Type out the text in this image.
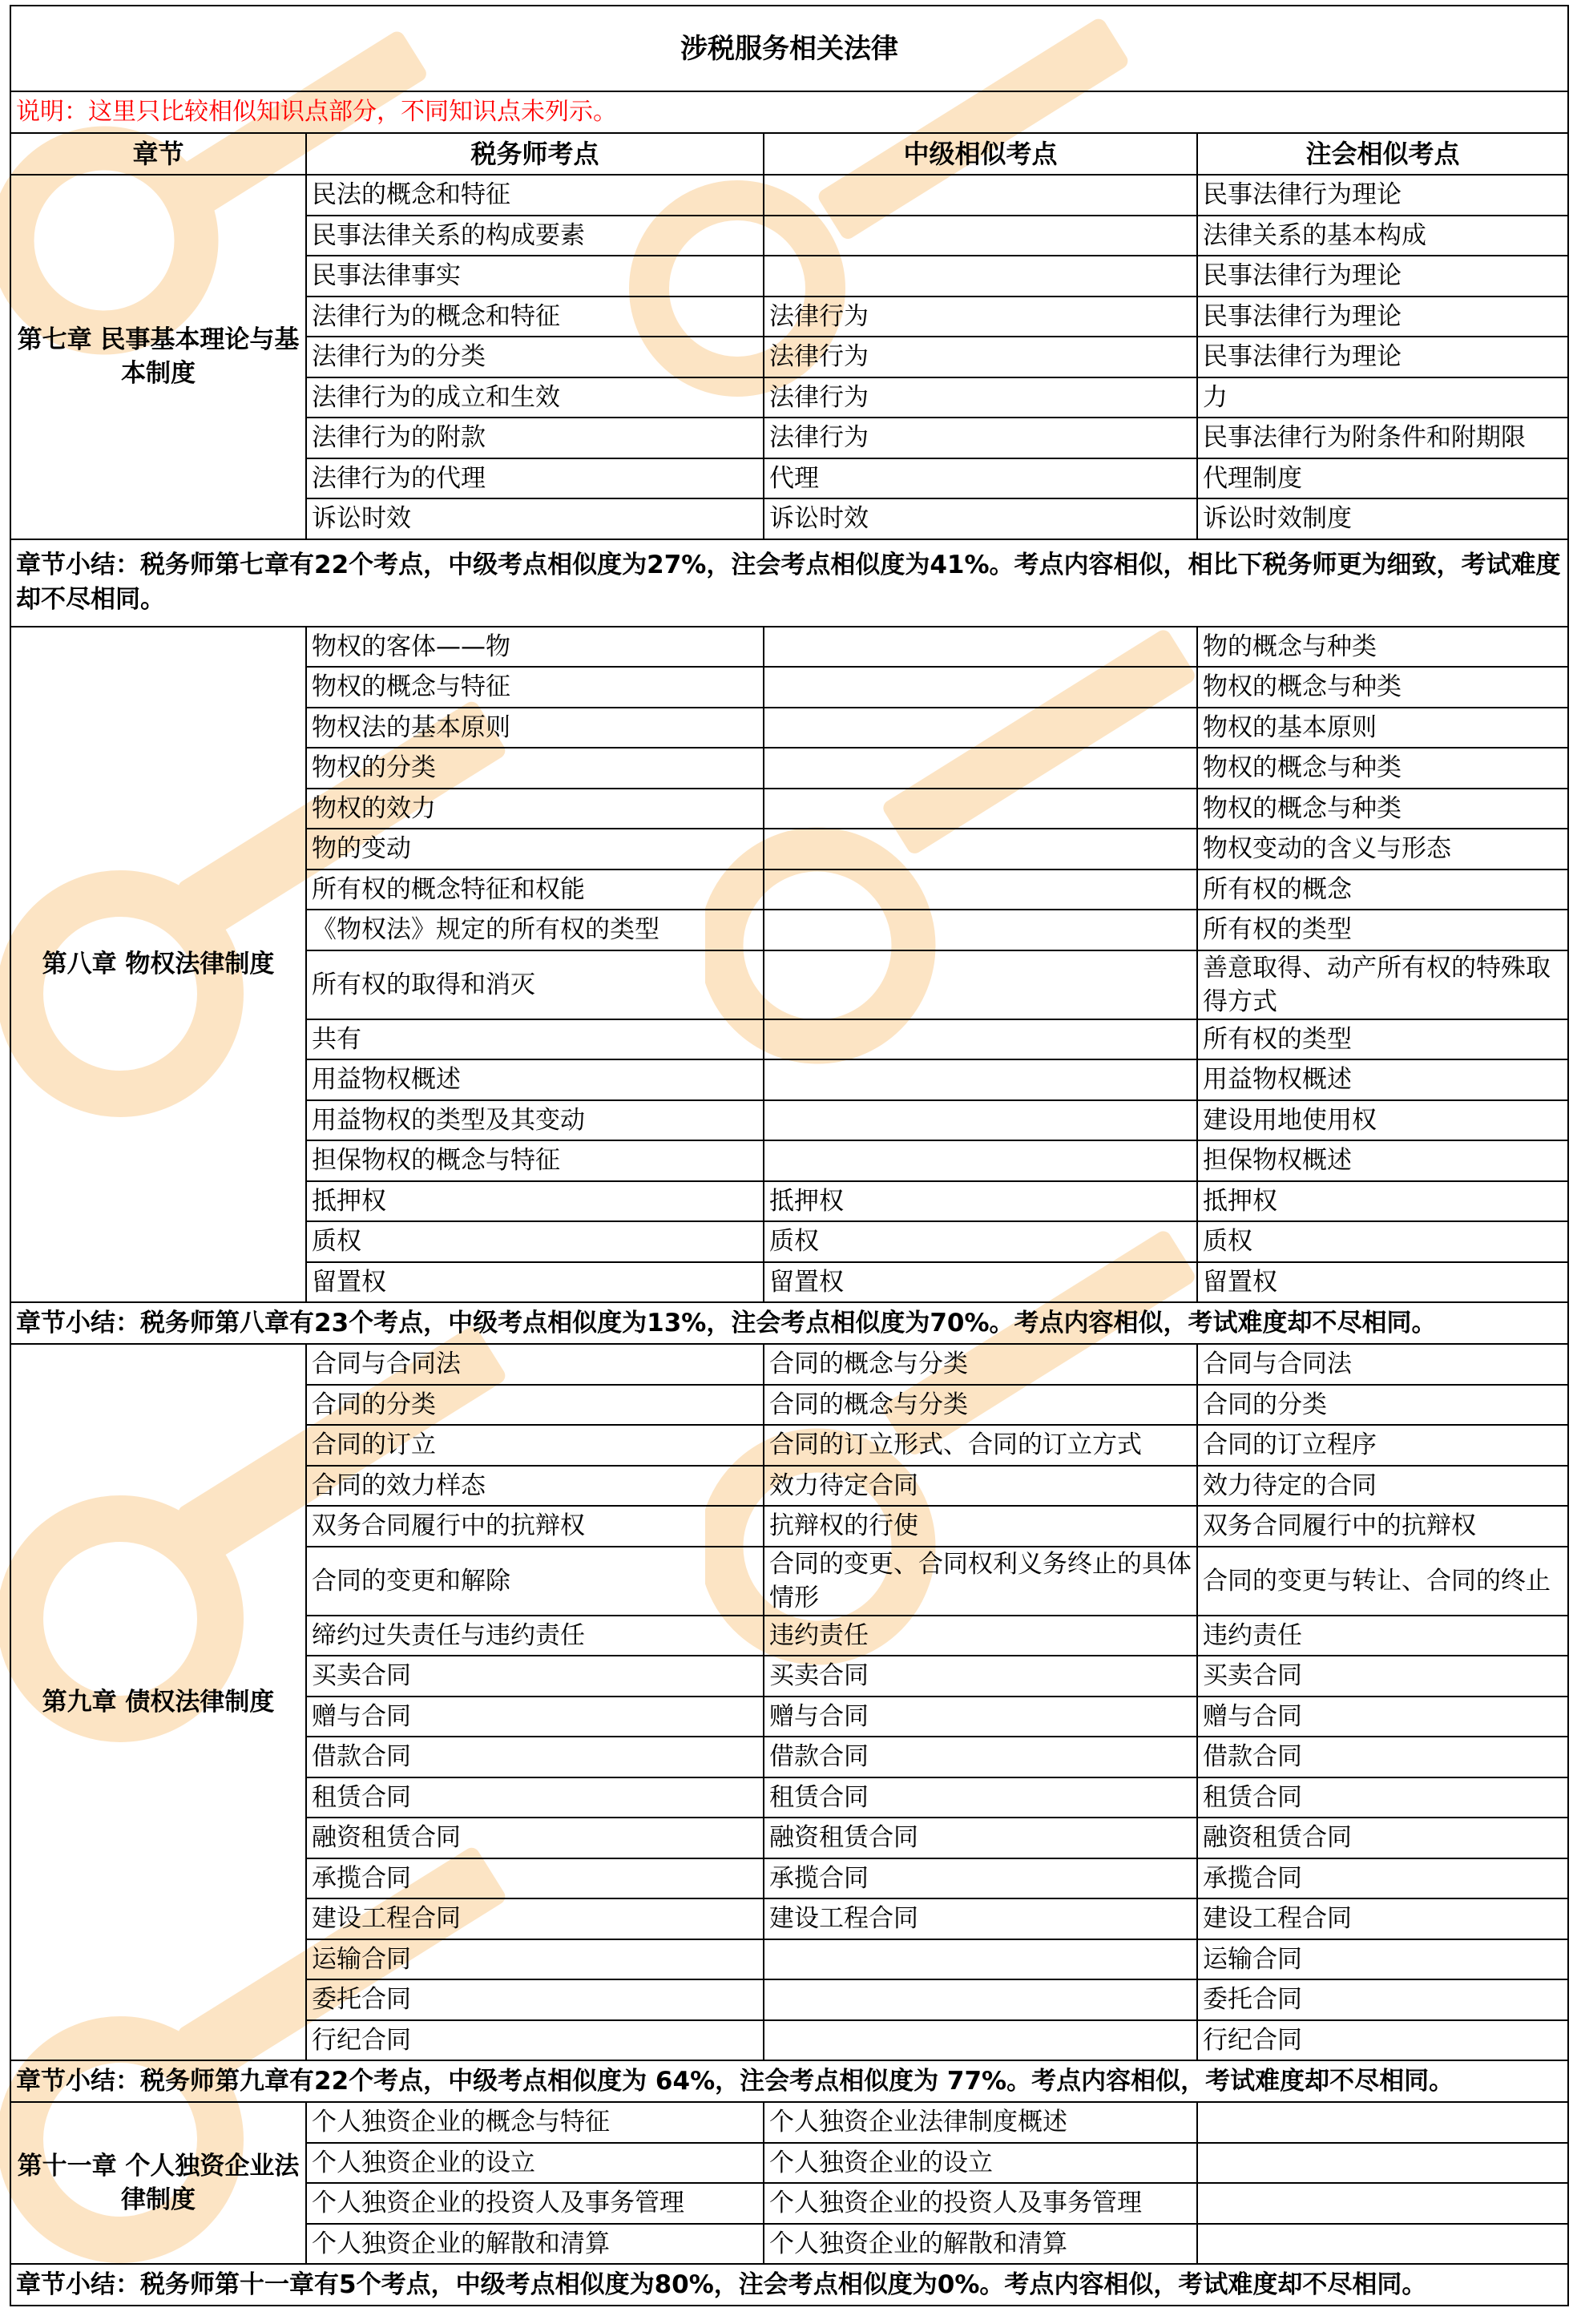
涉税服务相关法律			
说明：这里只比较相似知识点部分，不同知识点未列示。			
章节	税务师考点	中级相似考点	注会相似考点
第七章 民事基本理论与基本制度	民法的概念和特征		民事法律行为理论
	民事法律关系的构成要素		法律关系的基本构成
	民事法律事实		民事法律行为理论
	法律行为的概念和特征	法律行为	民事法律行为理论
	法律行为的分类	法律行为	民事法律行为理论
	法律行为的成立和生效	法律行为	力
	法律行为的附款	法律行为	民事法律行为附条件和附期限
	法律行为的代理	代理	代理制度
	诉讼时效	诉讼时效	诉讼时效制度
章节小结：税务师第七章有22个考点，中级考点相似度为27%，注会考点相似度为41%。考点内容相似，相比下税务师更为细致，考试难度却不尽相同。			
第八章 物权法律制度	物权的客体——物		物的概念与种类
	物权的概念与特征		物权的概念与种类
	物权法的基本原则		物权的基本原则
	物权的分类		物权的概念与种类
	物权的效力		物权的概念与种类
	物的变动		物权变动的含义与形态
	所有权的概念特征和权能		所有权的概念
	《物权法》规定的所有权的类型		所有权的类型
	所有权的取得和消灭		善意取得、动产所有权的特殊取得方式
	共有		所有权的类型
	用益物权概述		用益物权概述
	用益物权的类型及其变动		建设用地使用权
	担保物权的概念与特征		担保物权概述
	抵押权	抵押权	抵押权
	质权	质权	质权
	留置权	留置权	留置权
章节小结：税务师第八章有23个考点，中级考点相似度为13%，注会考点相似度为70%。考点内容相似，考试难度却不尽相同。			
第九章 债权法律制度	合同与合同法	合同的概念与分类	合同与合同法
	合同的分类	合同的概念与分类	合同的分类
	合同的订立	合同的订立形式、合同的订立方式	合同的订立程序
	合同的效力样态	效力待定合同	效力待定的合同
	双务合同履行中的抗辩权	抗辩权的行使	双务合同履行中的抗辩权
	合同的变更和解除	合同的变更、合同权利义务终止的具体情形	合同的变更与转让、合同的终止
	缔约过失责任与违约责任	违约责任	违约责任
	买卖合同	买卖合同	买卖合同
	赠与合同	赠与合同	赠与合同
	借款合同	借款合同	借款合同
	租赁合同	租赁合同	租赁合同
	融资租赁合同	融资租赁合同	融资租赁合同
	承揽合同	承揽合同	承揽合同
	建设工程合同	建设工程合同	建设工程合同
	运输合同		运输合同
	委托合同		委托合同
	行纪合同		行纪合同
章节小结：税务师第九章有22个考点，中级考点相似度为 64%，注会考点相似度为 77%。考点内容相似，考试难度却不尽相同。			
第十一章 个人独资企业法律制度	个人独资企业的概念与特征	个人独资企业法律制度概述	
	个人独资企业的设立	个人独资企业的设立	
	个人独资企业的投资人及事务管理	个人独资企业的投资人及事务管理	
	个人独资企业的解散和清算	个人独资企业的解散和清算	
章节小结：税务师第十一章有5个考点，中级考点相似度为80%，注会考点相似度为0%。考点内容相似，考试难度却不尽相同。			
